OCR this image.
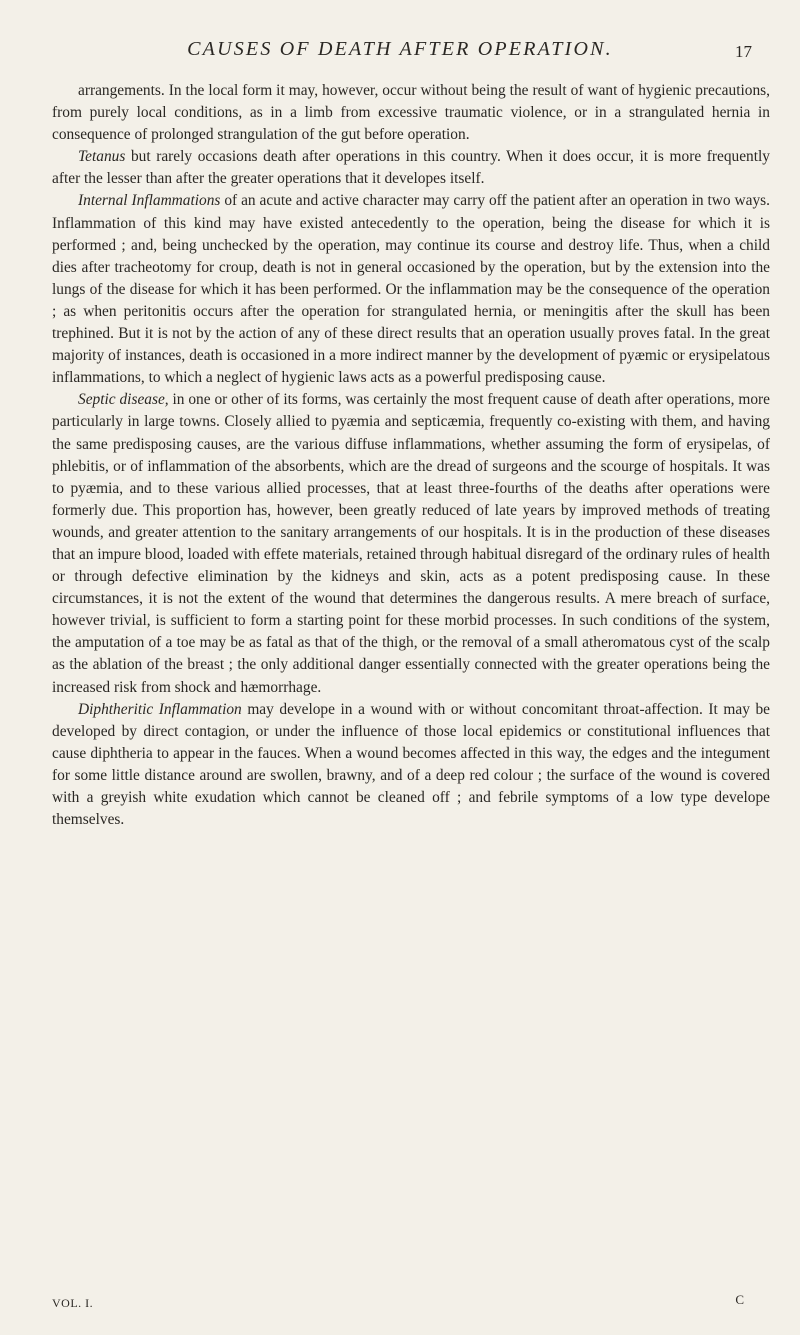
CAUSES OF DEATH AFTER OPERATION.	17

arrangements. In the local form it may, however, occur without being the result of want of hygienic precautions, from purely local conditions, as in a limb from excessive traumatic violence, or in a strangulated hernia in consequence of prolonged strangulation of the gut before operation.

Tetanus but rarely occasions death after operations in this country. When it does occur, it is more frequently after the lesser than after the greater operations that it developes itself.

Internal Inflammations of an acute and active character may carry off the patient after an operation in two ways. Inflammation of this kind may have existed antecedently to the operation, being the disease for which it is performed ; and, being unchecked by the operation, may continue its course and destroy life. Thus, when a child dies after tracheotomy for croup, death is not in general occasioned by the operation, but by the extension into the lungs of the disease for which it has been performed. Or the inflammation may be the consequence of the operation ; as when peritonitis occurs after the operation for strangulated hernia, or meningitis after the skull has been trephined. But it is not by the action of any of these direct results that an operation usually proves fatal. In the great majority of instances, death is occasioned in a more indirect manner by the development of pyæmic or erysipelatous inflammations, to which a neglect of hygienic laws acts as a powerful predisposing cause.

Septic disease, in one or other of its forms, was certainly the most frequent cause of death after operations, more particularly in large towns. Closely allied to pyæmia and septicæmia, frequently co-existing with them, and having the same predisposing causes, are the various diffuse inflammations, whether assuming the form of erysipelas, of phlebitis, or of inflammation of the absorbents, which are the dread of surgeons and the scourge of hospitals. It was to pyæmia, and to these various allied processes, that at least three-fourths of the deaths after operations were formerly due. This proportion has, however, been greatly reduced of late years by improved methods of treating wounds, and greater attention to the sanitary arrangements of our hospitals. It is in the production of these diseases that an impure blood, loaded with effete materials, retained through habitual disregard of the ordinary rules of health or through defective elimination by the kidneys and skin, acts as a potent predisposing cause. In these circumstances, it is not the extent of the wound that determines the dangerous results. A mere breach of surface, however trivial, is sufficient to form a starting point for these morbid processes. In such conditions of the system, the amputation of a toe may be as fatal as that of the thigh, or the removal of a small atheromatous cyst of the scalp as the ablation of the breast ; the only additional danger essentially connected with the greater operations being the increased risk from shock and hæmorrhage.

Diphtheritic Inflammation may develope in a wound with or without concomitant throat-affection. It may be developed by direct contagion, or under the influence of those local epidemics or constitutional influences that cause diphtheria to appear in the fauces. When a wound becomes affected in this way, the edges and the integument for some little distance around are swollen, brawny, and of a deep red colour ; the surface of the wound is covered with a greyish white exudation which cannot be cleaned off ; and febrile symptoms of a low type develope themselves.

VOL. I.	C
